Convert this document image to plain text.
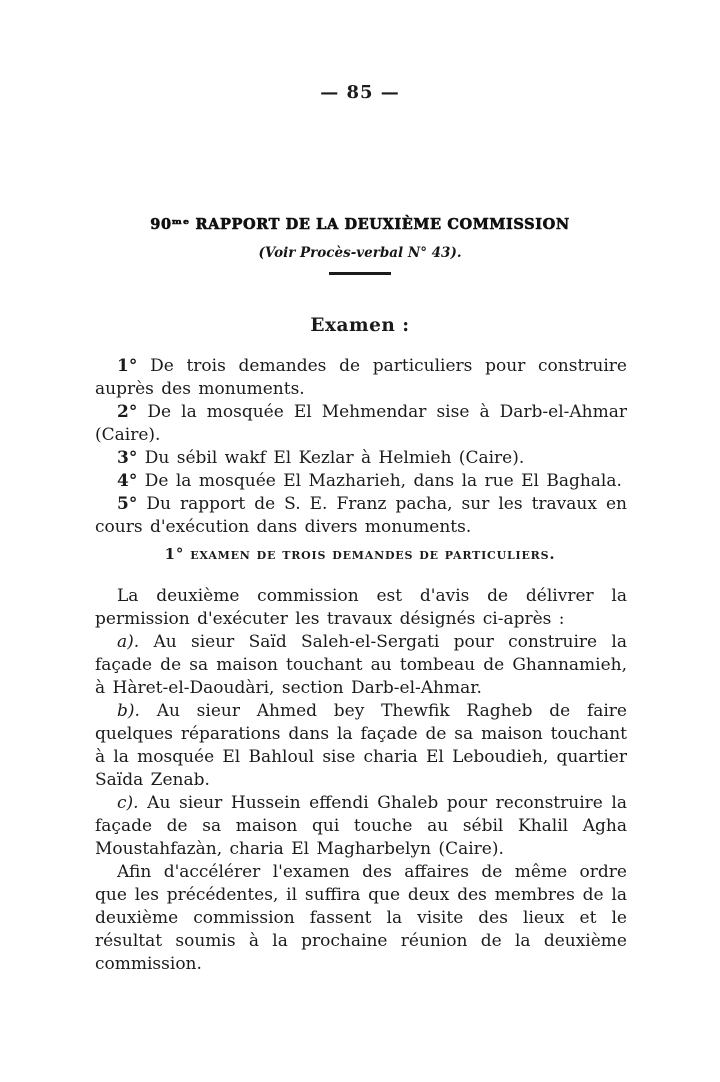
— 85 —
90ᵐᵉ RAPPORT DE LA DEUXIÈME COMMISSION
(Voir Procès-verbal N° 43).
Examen :

1° De trois demandes de particuliers pour construire auprès des monuments.

2° De la mosquée El Mehmendar sise à Darb-el-Ahmar (Caire).

3° Du sébil wakf El Kezlar à Helmieh (Caire).

4° De la mosquée El Mazharieh, dans la rue El Baghala.

5° Du rapport de S. E. Franz pacha, sur les travaux en cours d'exécution dans divers monuments.

1° examen de trois demandes de particuliers.

La deuxième commission est d'avis de délivrer la permission d'exécuter les travaux désignés ci-après :

a). Au sieur Saïd Saleh-el-Sergati pour construire la façade de sa maison touchant au tombeau de Ghannamieh, à Hàret-el-Daoudàri, section Darb-el-Ahmar.

b). Au sieur Ahmed bey Thewfik Ragheb de faire quelques réparations dans la façade de sa maison touchant à la mosquée El Bahloul sise charia El Leboudieh, quartier Saïda Zenab.

c). Au sieur Hussein effendi Ghaleb pour reconstruire la façade de sa maison qui touche au sébil Khalil Agha Moustahfazàn, charia El Magharbelyn (Caire).

Afin d'accélérer l'examen des affaires de même ordre que les précédentes, il suffira que deux des membres de la deuxième commission fassent la visite des lieux et le résultat soumis à la prochaine réunion de la deuxième commission.
